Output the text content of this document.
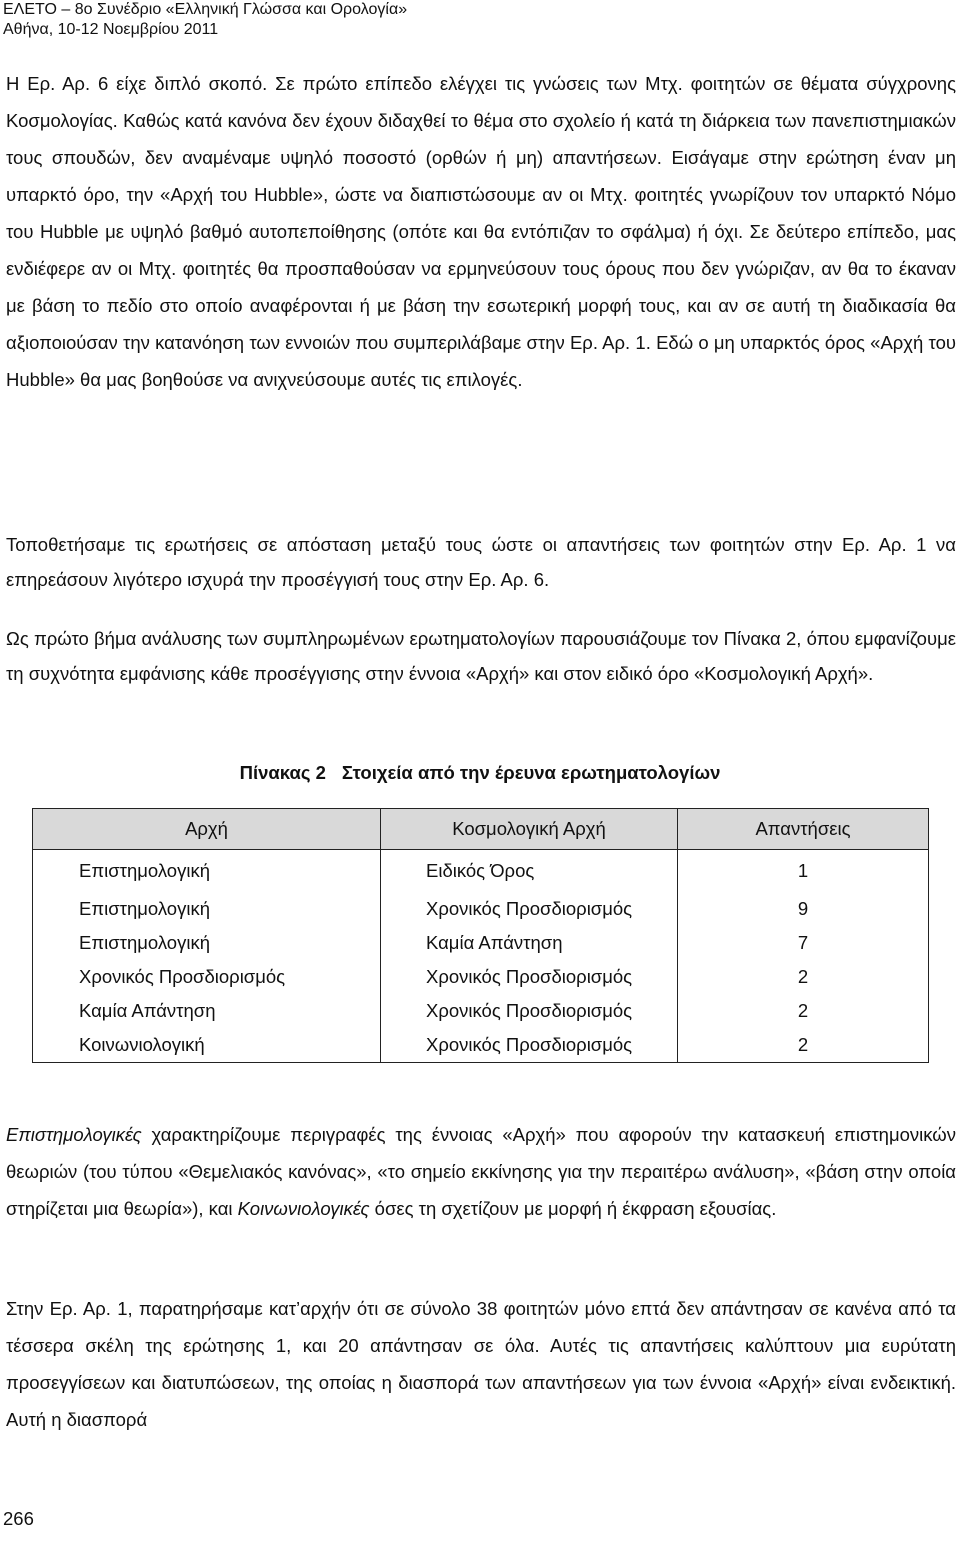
ΕΛΕΤΟ – 8ο Συνέδριο «Ελληνική Γλώσσα και Ορολογία»
Αθήνα, 10-12 Νοεμβρίου 2011
Η Ερ. Αρ. 6 είχε διπλό σκοπό. Σε πρώτο επίπεδο ελέγχει τις γνώσεις των Μτχ. φοιτητών σε θέματα σύγχρονης Κοσμολογίας. Καθώς κατά κανόνα δεν έχουν διδαχθεί το θέμα στο σχολείο ή κατά τη διάρκεια των πανεπιστημιακών τους σπουδών, δεν αναμέναμε υψηλό ποσοστό (ορθών ή μη) απαντήσεων. Εισάγαμε στην ερώτηση έναν μη υπαρκτό όρο, την «Αρχή του Hubble», ώστε να διαπιστώσουμε αν οι Μτχ. φοιτητές γνωρίζουν τον υπαρκτό Νόμο του Hubble με υψηλό βαθμό αυτοπεποίθησης (οπότε και θα εντόπιζαν το σφάλμα) ή όχι. Σε δεύτερο επίπεδο, μας ενδιέφερε αν οι Μτχ. φοιτητές θα προσπαθούσαν να ερμηνεύσουν τους όρους που δεν γνώριζαν, αν θα το έκαναν με βάση το πεδίο στο οποίο αναφέρονται ή με βάση την εσωτερική μορφή τους, και αν σε αυτή τη διαδικασία θα αξιοποιούσαν την κατανόηση των εννοιών που συμπεριλάβαμε στην Ερ. Αρ. 1. Εδώ ο μη υπαρκτός όρος «Αρχή του Hubble» θα μας βοηθούσε να ανιχνεύσουμε αυτές τις επιλογές.
Τοποθετήσαμε τις ερωτήσεις σε απόσταση μεταξύ τους ώστε οι απαντήσεις των φοιτητών στην Ερ. Αρ. 1 να επηρεάσουν λιγότερο ισχυρά την προσέγγισή τους στην Ερ. Αρ. 6.
Ως πρώτο βήμα ανάλυσης των συμπληρωμένων ερωτηματολογίων παρουσιάζουμε τον Πίνακα 2, όπου εμφανίζουμε τη συχνότητα εμφάνισης κάθε προσέγγισης στην έννοια «Αρχή» και στον ειδικό όρο «Κοσμολογική Αρχή».
Πίνακας 2 Στοιχεία από την έρευνα ερωτηματολογίων
Αρχή	Κοσμολογική Αρχή	Απαντήσεις
Επιστημολογική	Ειδικός Όρος	1
Επιστημολογική	Χρονικός Προσδιορισμός	9
Επιστημολογική	Καμία Απάντηση	7
Χρονικός Προσδιορισμός	Χρονικός Προσδιορισμός	2
Καμία Απάντηση	Χρονικός Προσδιορισμός	2
Κοινωνιολογική	Χρονικός Προσδιορισμός	2
Επιστημολογικές χαρακτηρίζουμε περιγραφές της έννοιας «Αρχή» που αφορούν την κατασκευή επιστημονικών θεωριών (του τύπου «Θεμελιακός κανόνας», «το σημείο εκκίνησης για την περαιτέρω ανάλυση», «βάση στην οποία στηρίζεται μια θεωρία»), και Κοινωνιολογικές όσες τη σχετίζουν με μορφή ή έκφραση εξουσίας.
Στην Ερ. Αρ. 1, παρατηρήσαμε κατ’αρχήν ότι σε σύνολο 38 φοιτητών μόνο επτά δεν απάντησαν σε κανένα από τα τέσσερα σκέλη της ερώτησης 1, και 20 απάντησαν σε όλα. Αυτές τις απαντήσεις καλύπτουν μια ευρύτατη προσεγγίσεων και διατυπώσεων, της οποίας η διασπορά των απαντήσεων για των έννοια «Αρχή» είναι ενδεικτική. Αυτή η διασπορά
266
